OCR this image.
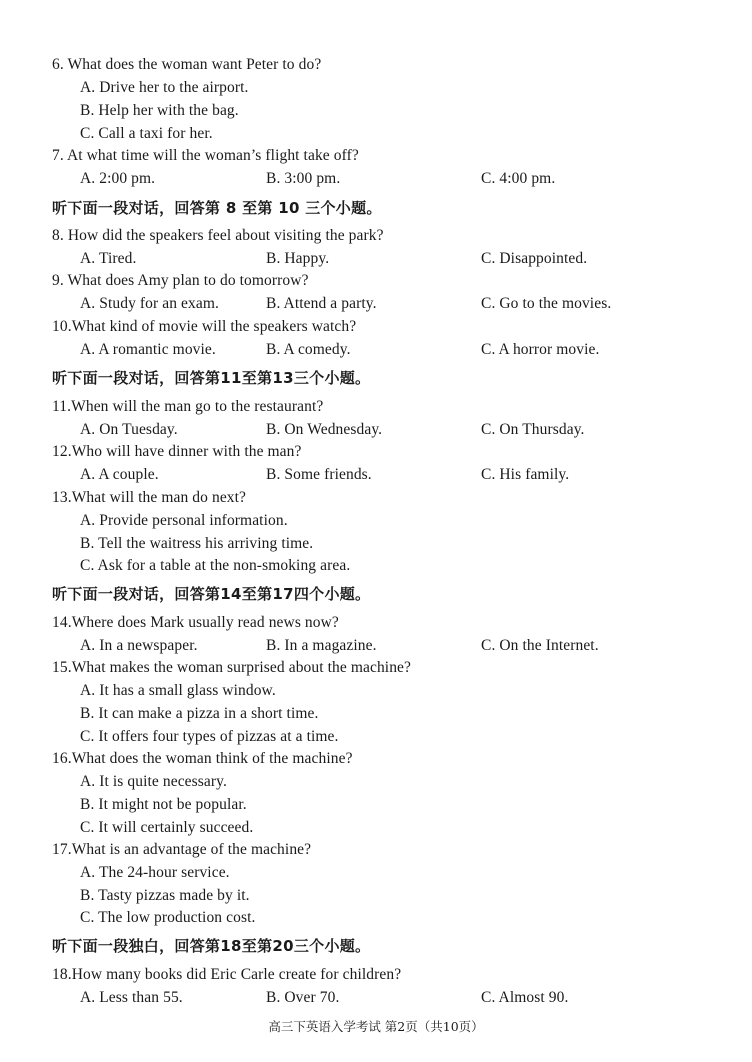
6. What does the woman want Peter to do?
A. Drive her to the airport.
B. Help her with the bag.
C. Call a taxi for her.
7. At what time will the woman’s flight take off?
A. 2:00 pm.	B. 3:00 pm.	C. 4:00 pm.
听下面一段对话，回答第 8 至第 10 三个小题。
8. How did the speakers feel about visiting the park?
A. Tired.	B. Happy.	C. Disappointed.
9. What does Amy plan to do tomorrow?
A. Study for an exam.	B. Attend a party.	C. Go to the movies.
10.What kind of movie will the speakers watch?
A. A romantic movie.	B. A comedy.	C. A horror movie.
听下面一段对话，回答第11至第13三个小题。
11.When will the man go to the restaurant?
A. On Tuesday.	B. On Wednesday.	C. On Thursday.
12.Who will have dinner with the man?
A. A couple.	B. Some friends.	C. His family.
13.What will the man do next?
A. Provide personal information.
B. Tell the waitress his arriving time.
C. Ask for a table at the non-smoking area.
听下面一段对话，回答第14至第17四个小题。
14.Where does Mark usually read news now?
A. In a newspaper.	B. In a magazine.	C. On the Internet.
15.What makes the woman surprised about the machine?
A. It has a small glass window.
B. It can make a pizza in a short time.
C. It offers four types of pizzas at a time.
16.What does the woman think of the machine?
A. It is quite necessary.
B. It might not be popular.
C. It will certainly succeed.
17.What is an advantage of the machine?
A. The 24-hour service.
B. Tasty pizzas made by it.
C. The low production cost.
听下面一段独白，回答第18至第20三个小题。
18.How many books did Eric Carle create for children?
A. Less than 55.	B. Over 70.	C. Almost 90.
高三下英语入学考试 第2页（共10页）
